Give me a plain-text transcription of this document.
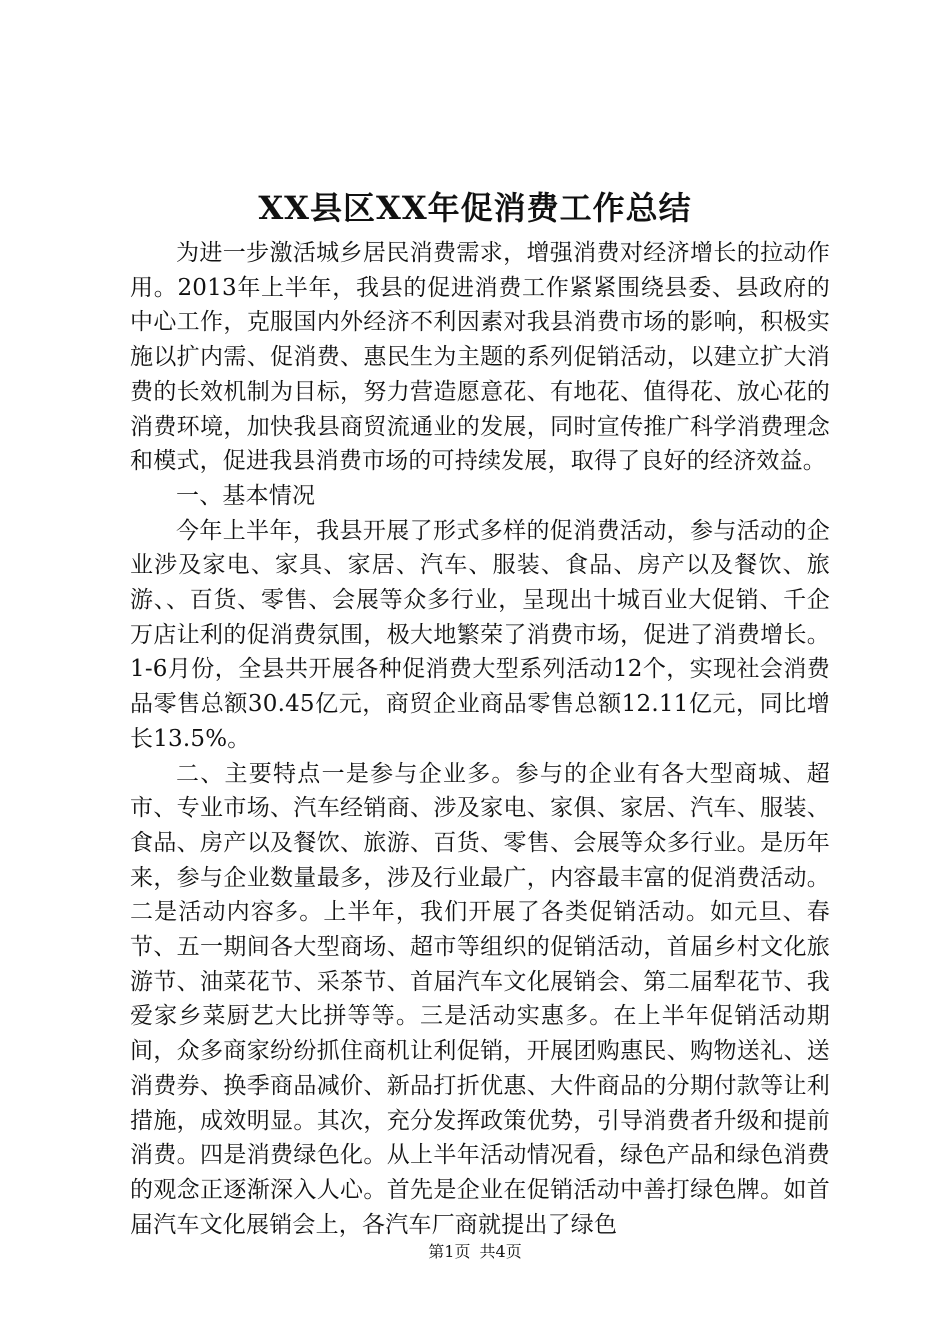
XX县区XX年促消费工作总结

为进一步激活城乡居民消费需求，增强消费对经济增长的拉动作用。2013年上半年，我县的促进消费工作紧紧围绕县委、县政府的中心工作，克服国内外经济不利因素对我县消费市场的影响，积极实施以扩内需、促消费、惠民生为主题的系列促销活动，以建立扩大消费的长效机制为目标，努力营造愿意花、有地花、值得花、放心花的消费环境，加快我县商贸流通业的发展，同时宣传推广科学消费理念和模式，促进我县消费市场的可持续发展，取得了良好的经济效益。

一、基本情况

今年上半年，我县开展了形式多样的促消费活动，参与活动的企业涉及家电、家具、家居、汽车、服装、食品、房产以及餐饮、旅游、、百货、零售、会展等众多行业，呈现出十城百业大促销、千企万店让利的促消费氛围，极大地繁荣了消费市场，促进了消费增长。1-6月份，全县共开展各种促消费大型系列活动12个，实现社会消费品零售总额30.45亿元，商贸企业商品零售总额12.11亿元，同比增长13.5%。

二、主要特点一是参与企业多。参与的企业有各大型商城、超市、专业市场、汽车经销商、涉及家电、家俱、家居、汽车、服装、食品、房产以及餐饮、旅游、百货、零售、会展等众多行业。是历年来，参与企业数量最多，涉及行业最广，内容最丰富的促消费活动。二是活动内容多。上半年，我们开展了各类促销活动。如元旦、春节、五一期间各大型商场、超市等组织的促销活动，首届乡村文化旅游节、油菜花节、采茶节、首届汽车文化展销会、第二届犁花节、我爱家乡菜厨艺大比拼等等。三是活动实惠多。在上半年促销活动期间，众多商家纷纷抓住商机让利促销，开展团购惠民、购物送礼、送消费券、换季商品减价、新品打折优惠、大件商品的分期付款等让利措施，成效明显。其次，充分发挥政策优势，引导消费者升级和提前消费。四是消费绿色化。从上半年活动情况看，绿色产品和绿色消费的观念正逐渐深入人心。首先是企业在促销活动中善打绿色牌。如首届汽车文化展销会上，各汽车厂商就提出了绿色

第1页 共4页
